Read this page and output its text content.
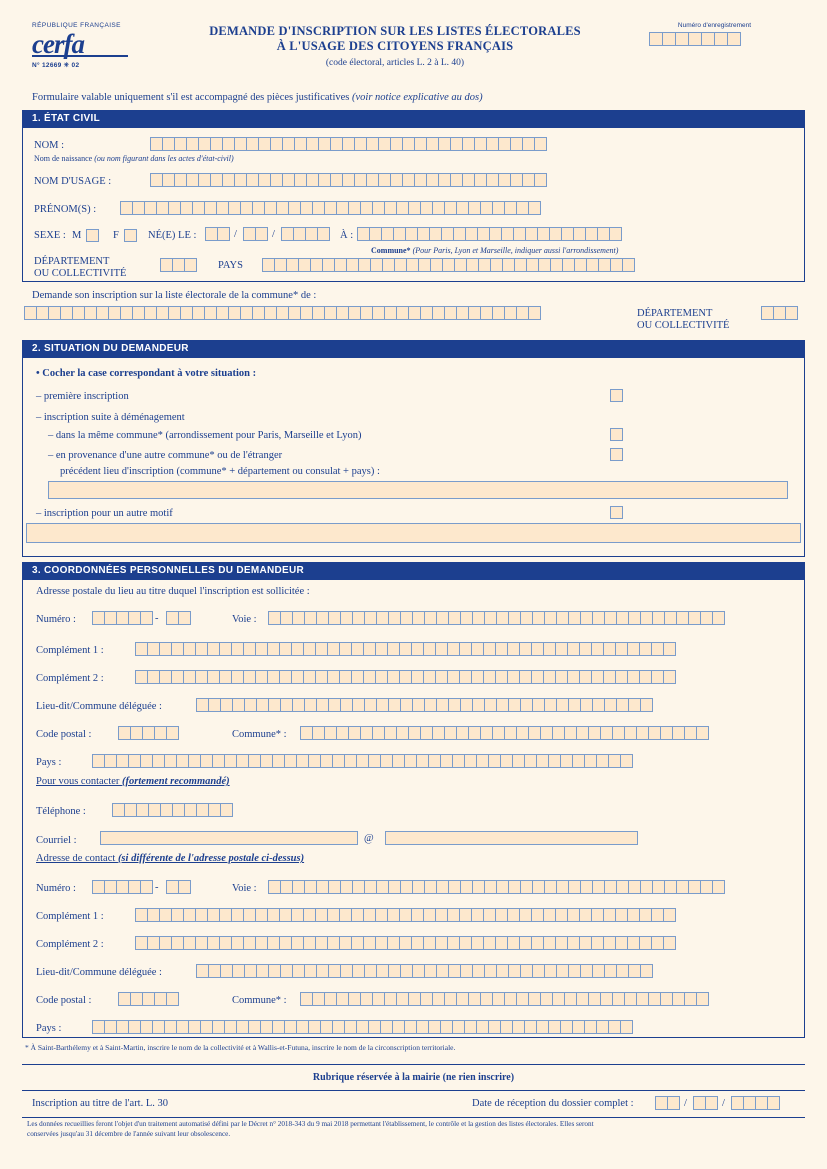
RÉPUBLIQUE FRANÇAISE
cerfa
N° 12669 ✳ 02
DEMANDE D'INSCRIPTION SUR LES LISTES ÉLECTORALES
À L'USAGE DES CITOYENS FRANÇAIS
(code électoral, articles L. 2 à L. 40)
Numéro d'enregistrement
Formulaire valable uniquement s'il est accompagné des pièces justificatives (voir notice explicative au dos)
1. ÉTAT CIVIL
NOM :
Nom de naissance (ou nom figurant dans les actes d'état-civil)
NOM D'USAGE :
PRÉNOM(S) :
SEXE : M	F	NÉ(E) LE :	/	/	À :
Commune* (Pour Paris, Lyon et Marseille, indiquer aussi l'arrondissement)
DÉPARTEMENT
OU COLLECTIVITÉ
PAYS
Demande son inscription sur la liste électorale de la commune* de :
DÉPARTEMENT
OU COLLECTIVITÉ
2. SITUATION DU DEMANDEUR
• Cocher la case correspondant à votre situation :
– première inscription
– inscription suite à déménagement
– dans la même commune* (arrondissement pour Paris, Marseille et Lyon)
– en provenance d'une autre commune* ou de l'étranger
précédent lieu d'inscription (commune* + département ou consulat + pays) :
– inscription pour un autre motif
3. COORDONNÉES PERSONNELLES DU DEMANDEUR
Adresse postale du lieu au titre duquel l'inscription est sollicitée :
Numéro :	-	Voie :
Complément 1 :
Complément 2 :
Lieu-dit/Commune déléguée :
Code postal :	Commune* :
Pays :
Pour vous contacter (fortement recommandé)
Téléphone :
Courriel :	@
Adresse de contact (si différente de l'adresse postale ci-dessus)
Numéro :	-	Voie :
Complément 1 :
Complément 2 :
Lieu-dit/Commune déléguée :
Code postal :	Commune* :
Pays :
* À Saint-Barthélemy et à Saint-Martin, inscrire le nom de la collectivité et à Wallis-et-Futuna, inscrire le nom de la circonscription territoriale.
Rubrique réservée à la mairie (ne rien inscrire)
Inscription au titre de l'art. L. 30	Date de réception du dossier complet :	/	/
Les données recueillies feront l'objet d'un traitement automatisé défini par le Décret n° 2018-343 du 9 mai 2018 permettant l'établissement, le contrôle et la gestion des listes électorales. Elles seront
conservées jusqu'au 31 décembre de l'année suivant leur obsolescence.
